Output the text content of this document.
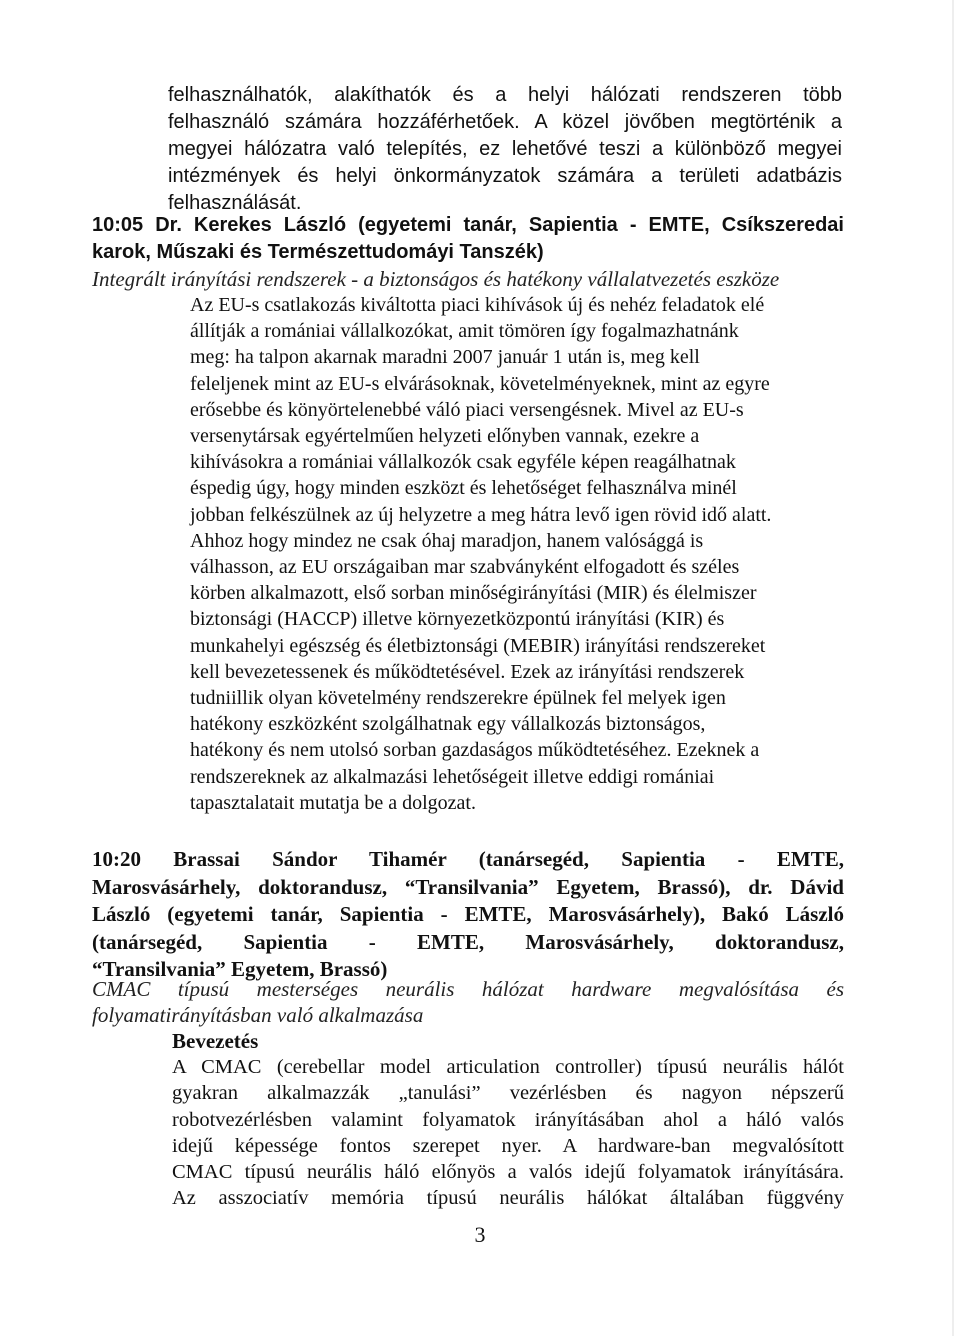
felhasználhatók, alakíthatók és a helyi hálózati rendszeren több
felhasználó számára hozzáférhetőek. A közel jövőben megtörténik a
megyei hálózatra való telepítés, ez lehetővé teszi a különböző megyei
intézmények és helyi önkormányzatok számára a területi adatbázis
felhasználását.
10:05 Dr. Kerekes László (egyetemi tanár, Sapientia - EMTE, Csíkszeredai
karok, Műszaki és Természettudomáyi Tanszék)
Integrált irányítási rendszerek - a biztonságos és hatékony vállalatvezetés eszköze
Az EU-s csatlakozás kiváltotta piaci kihívások új és nehéz feladatok elé
állítják a romániai vállalkozókat, amit tömören így fogalmazhatnánk
meg: ha talpon akarnak maradni 2007 január 1 után is, meg kell
feleljenek mint az EU-s elvárásoknak, követelményeknek, mint az egyre
erősebbe és könyörtelenebbé váló piaci versengésnek. Mivel az EU-s
versenytársak egyértelműen helyzeti előnyben vannak, ezekre a
kihívásokra a romániai vállalkozók csak egyféle képen reagálhatnak
éspedig úgy, hogy minden eszközt és lehetőséget felhasználva minél
jobban felkészülnek az új helyzetre a meg hátra levő igen rövid idő alatt.
Ahhoz hogy mindez ne csak óhaj maradjon, hanem valósággá is
válhasson, az EU országaiban mar szabványként elfogadott és széles
körben alkalmazott, első sorban minőségirányítási (MIR) és élelmiszer
biztonsági (HACCP) illetve környezetközpontú irányítási (KIR) és
munkahelyi egészség és életbiztonsági (MEBIR) irányítási rendszereket
kell bevezetessenek és működtetésével. Ezek az irányítási rendszerek
tudniillik olyan követelmény rendszerekre épülnek fel melyek igen
hatékony eszközként szolgálhatnak egy vállalkozás biztonságos,
hatékony és nem utolsó sorban gazdaságos működtetéséhez. Ezeknek a
rendszereknek az alkalmazási lehetőségeit illetve eddigi romániai
tapasztalatait mutatja be a dolgozat.
10:20 Brassai Sándor Tihamér (tanársegéd, Sapientia - EMTE,
Marosvásárhely, doktorandusz, “Transilvania” Egyetem, Brassó), dr. Dávid
László (egyetemi tanár, Sapientia - EMTE, Marosvásárhely), Bakó László
(tanársegéd, Sapientia - EMTE, Marosvásárhely, doktorandusz,
“Transilvania” Egyetem, Brassó)
CMAC típusú mesterséges neurális hálózat hardware megvalósítása és
folyamatirányításban való alkalmazása
Bevezetés
A CMAC (cerebellar model articulation controller) típusú neurális hálót
gyakran alkalmazzák „tanulási” vezérlésben és nagyon népszerű
robotvezérlésben valamint folyamatok irányításában ahol a háló valós
idejű képessége fontos szerepet nyer. A hardware-ban megvalósított
CMAC típusú neurális háló előnyös a valós idejű folyamatok irányítására.
Az asszociatív memória típusú neurális hálókat általában függvény
3
